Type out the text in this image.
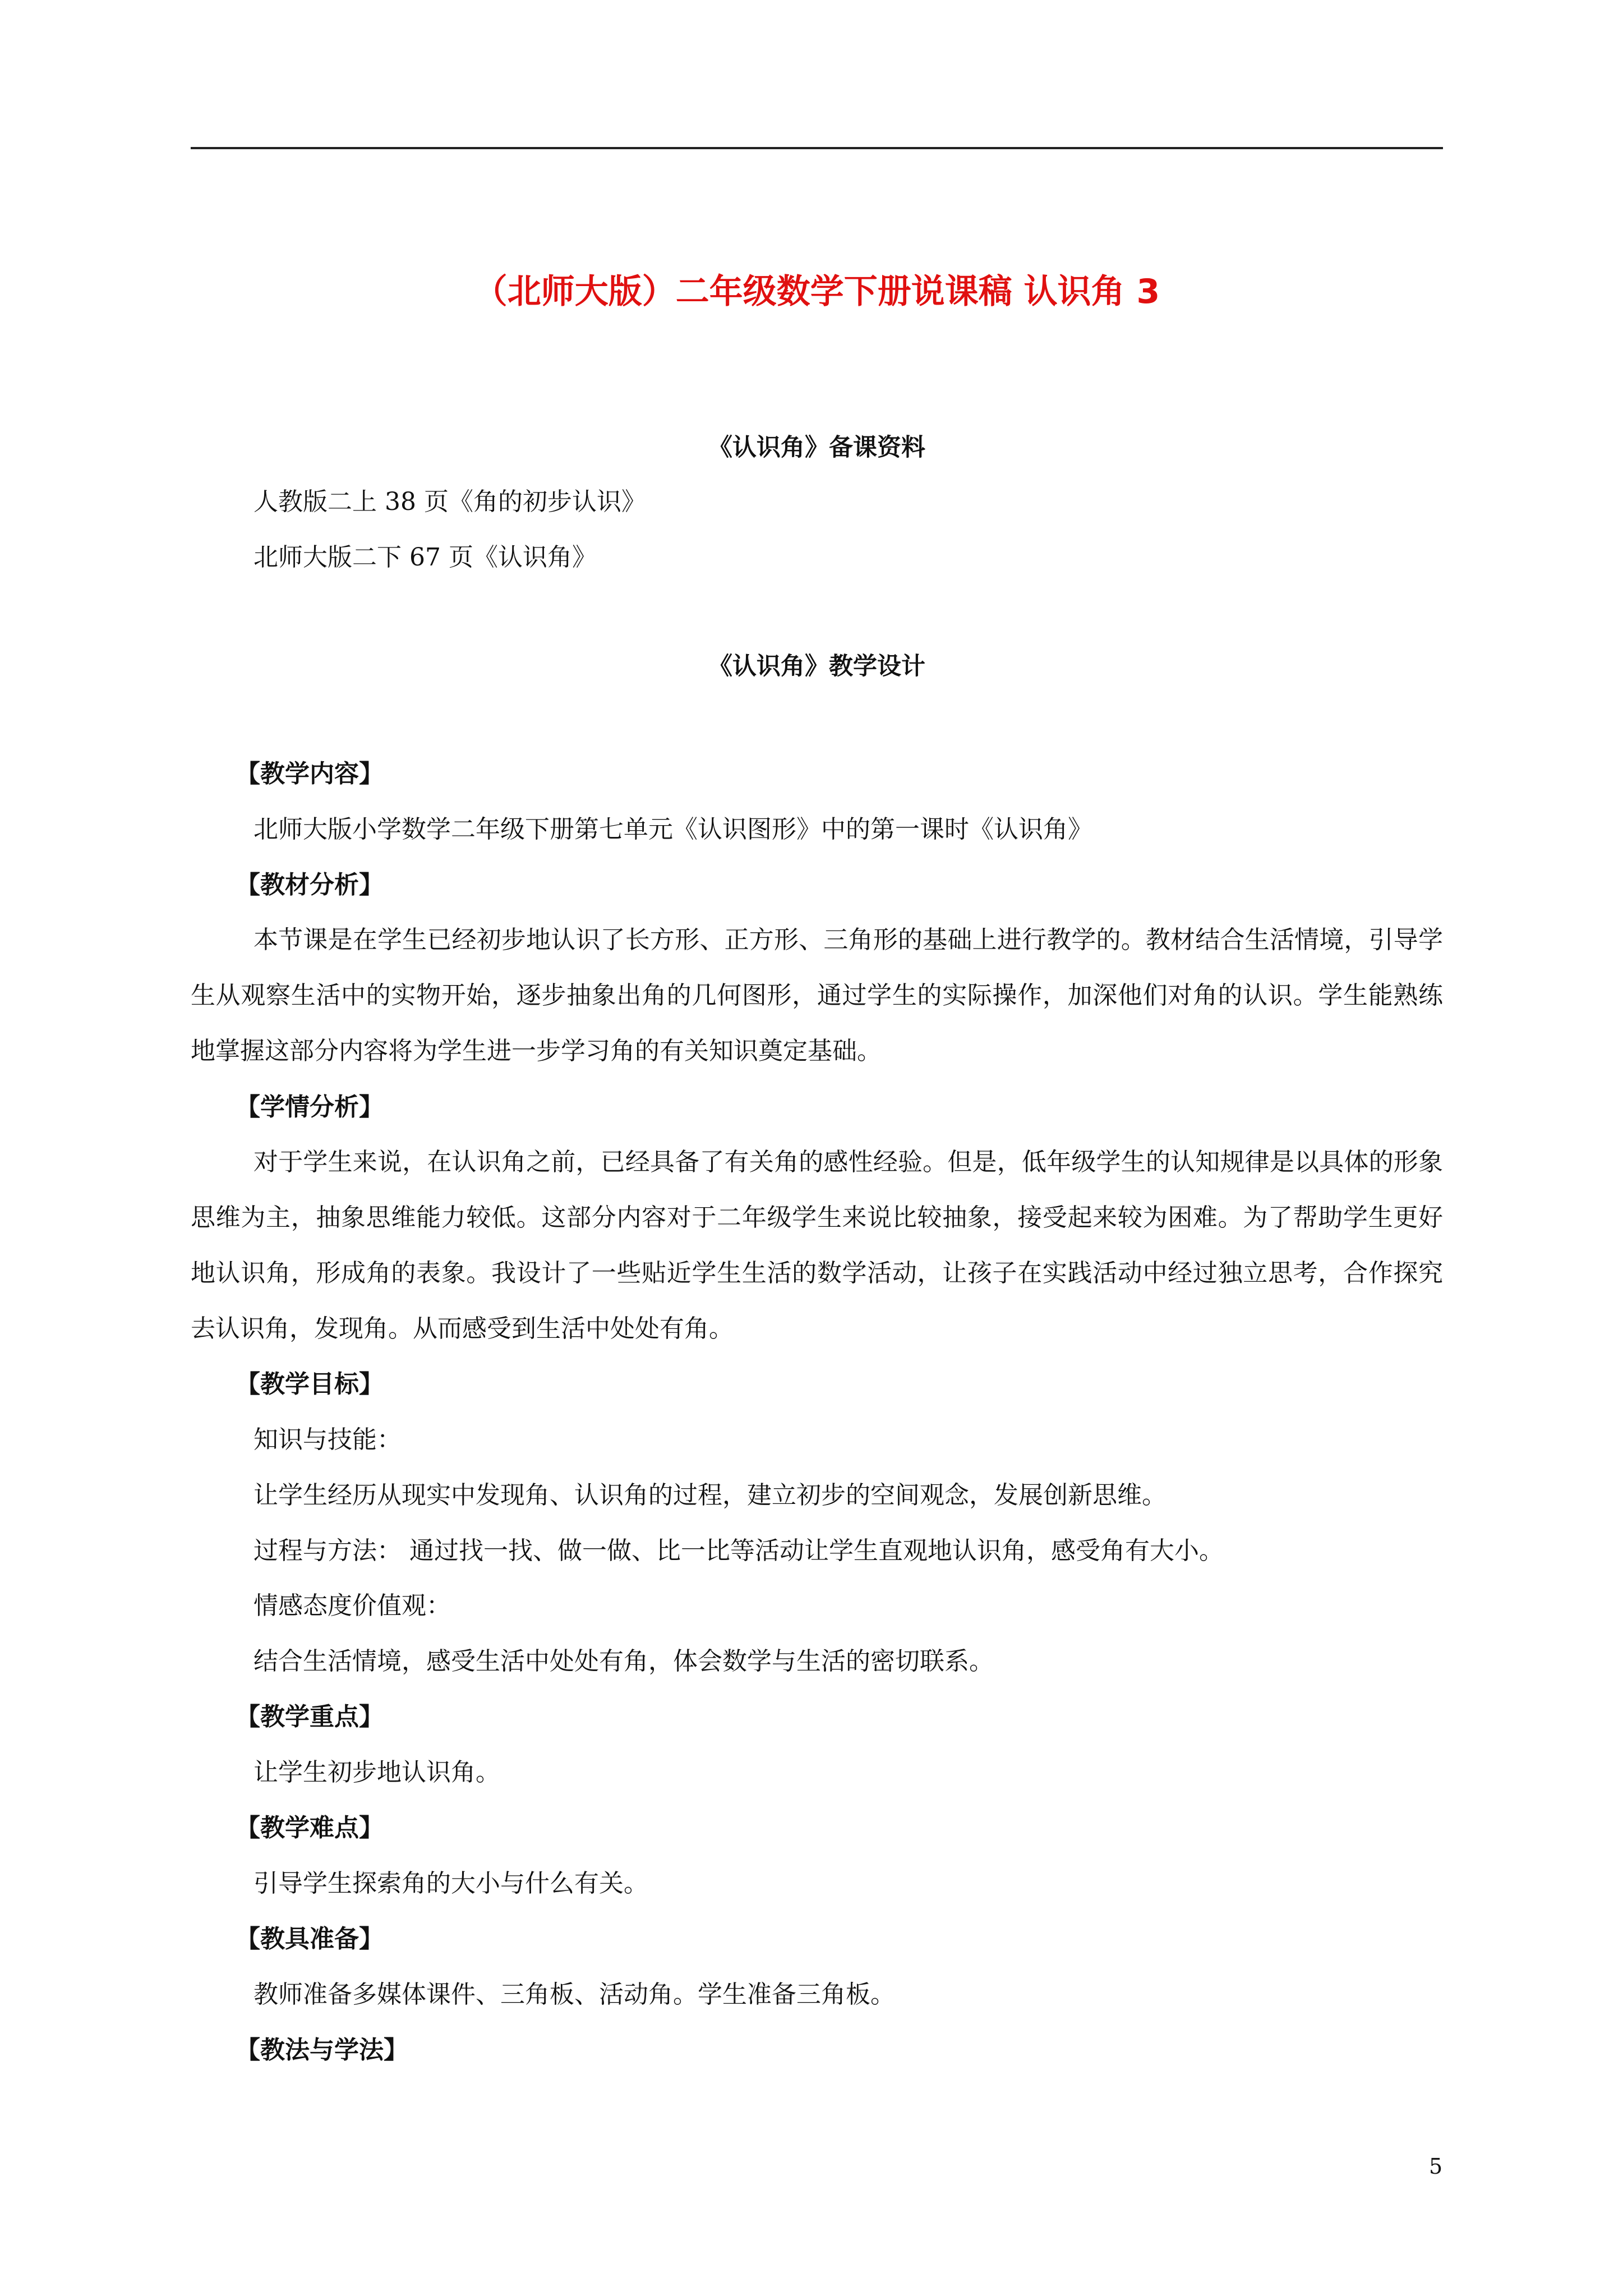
（北师大版）二年级数学下册说课稿 认识角 3
《认识角》备课资料
人教版二上 38 页《角的初步认识》
北师大版二下 67 页《认识角》
《认识角》教学设计
【教学内容】
北师大版小学数学二年级下册第七单元《认识图形》中的第一课时《认识角》
【教材分析】
本节课是在学生已经初步地认识了长方形、正方形、三角形的基础上进行教学的。教材结合生活情境，引导学生从观察生活中的实物开始，逐步抽象出角的几何图形，通过学生的实际操作，加深他们对角的认识。学生能熟练地掌握这部分内容将为学生进一步学习角的有关知识奠定基础。
【学情分析】
对于学生来说，在认识角之前，已经具备了有关角的感性经验。但是，低年级学生的认知规律是以具体的形象思维为主，抽象思维能力较低。这部分内容对于二年级学生来说比较抽象，接受起来较为困难。为了帮助学生更好地认识角，形成角的表象。我设计了一些贴近学生生活的数学活动，让孩子在实践活动中经过独立思考，合作探究去认识角，发现角。从而感受到生活中处处有角。
【教学目标】
知识与技能：
让学生经历从现实中发现角、认识角的过程，建立初步的空间观念，发展创新思维。
过程与方法： 通过找一找、做一做、比一比等活动让学生直观地认识角，感受角有大小。
情感态度价值观：
结合生活情境，感受生活中处处有角，体会数学与生活的密切联系。
【教学重点】
让学生初步地认识角。
【教学难点】
引导学生探索角的大小与什么有关。
【教具准备】
教师准备多媒体课件、三角板、活动角。学生准备三角板。
【教法与学法】
5
